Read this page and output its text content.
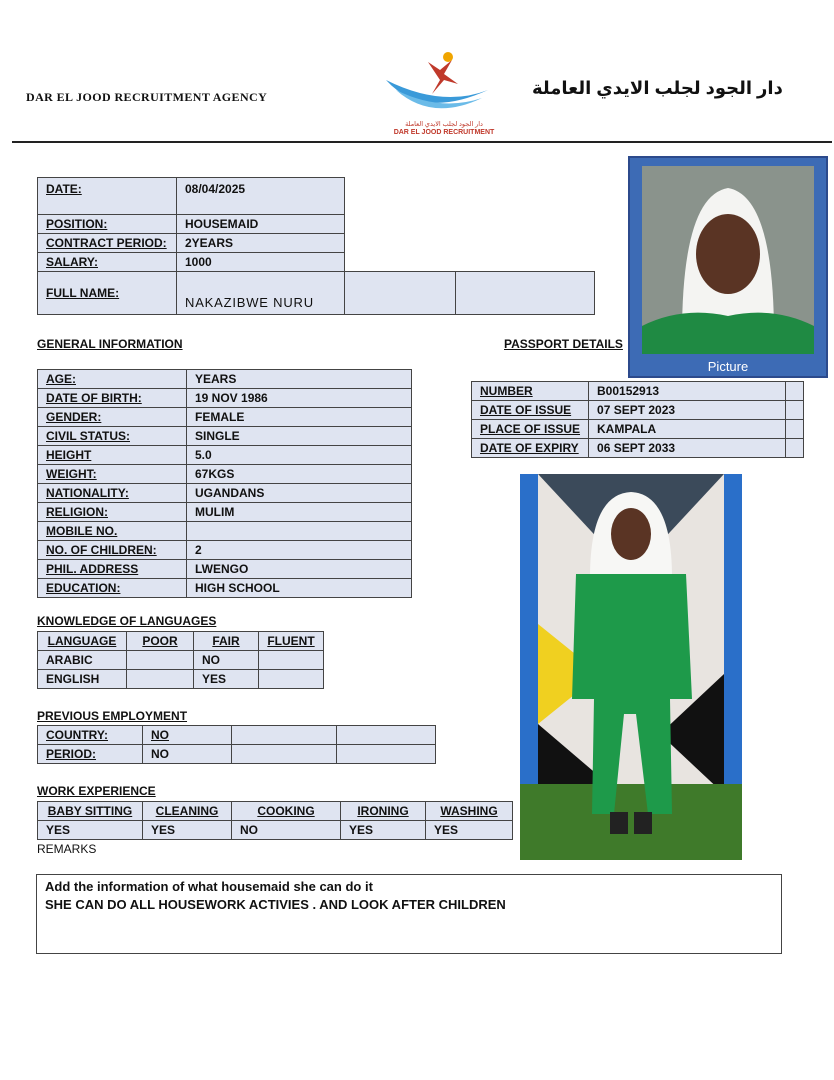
DAR EL JOOD RECRUITMENT AGENCY
دار الجود لجلب الايدي العاملة
DAR EL JOOD RECRUITMENT
دار الجود لجلب الايدي العاملة
DATE:	08/04/2025
POSITION:	HOUSEMAID
CONTRACT PERIOD:	2YEARS
SALARY:	1000
FULL NAME:	NAKAZIBWE NURU		
Picture
GENERAL INFORMATION	PASSPORT DETAILS
AGE:	YEARS
DATE OF BIRTH:	19 NOV 1986
GENDER:	FEMALE
CIVIL STATUS:	SINGLE
HEIGHT	5.0
WEIGHT:	67KGS
NATIONALITY:	UGANDANS
RELIGION:	MULIM
MOBILE NO.	
NO. OF CHILDREN:	2
PHIL. ADDRESS	LWENGO
EDUCATION:	HIGH SCHOOL
NUMBER	B00152913	
DATE OF ISSUE	07 SEPT 2023	
PLACE OF ISSUE	KAMPALA	
DATE OF EXPIRY	06 SEPT 2033	
KNOWLEDGE OF LANGUAGES
LANGUAGE	POOR	FAIR	FLUENT
ARABIC		NO	
ENGLISH		YES	
PREVIOUS EMPLOYMENT
COUNTRY:	NO		
PERIOD:	NO		
WORK EXPERIENCE
BABY SITTING	CLEANING	COOKING	IRONING	WASHING
YES	YES	NO	YES	YES
REMARKS
Add the information of what housemaid she can do it
SHE CAN DO ALL HOUSEWORK ACTIVIES . AND LOOK AFTER CHILDREN
